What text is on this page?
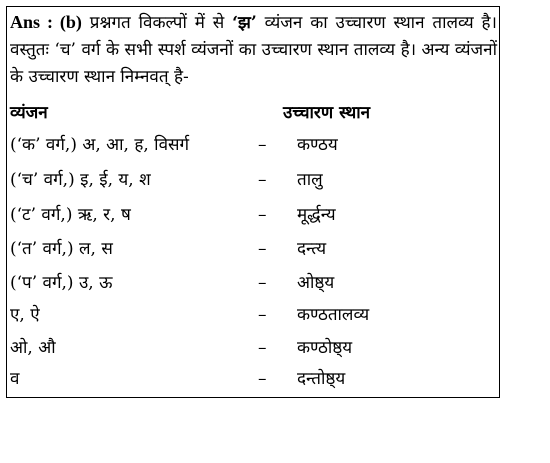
Ans : (b) प्रश्नगत विकल्पों में से ‘झ’ व्यंजन का उच्चारण स्थान तालव्य है। वस्तुतः ‘च’ वर्ग के सभी स्पर्श व्यंजनों का उच्चारण स्थान तालव्य है। अन्य व्यंजनों के उच्चारण स्थान निम्नवत् है-
व्यंजन	उच्चारण स्थान
(‘क’ वर्ग,) अ, आ, ह, विसर्ग	– कण्ठय
(‘च’ वर्ग,) इ, ई, य, श	– तालु
(‘ट’ वर्ग,) ऋ, र, ष	– मूर्द्धन्य
(‘त’ वर्ग,) ल, स	– दन्त्य
(‘प’ वर्ग,) उ, ऊ	– ओष्ठ्य
ए, ऐ	– कण्ठतालव्य
ओ, औ	– कण्ठोष्ठ्य
व	– दन्तोष्ठ्य
